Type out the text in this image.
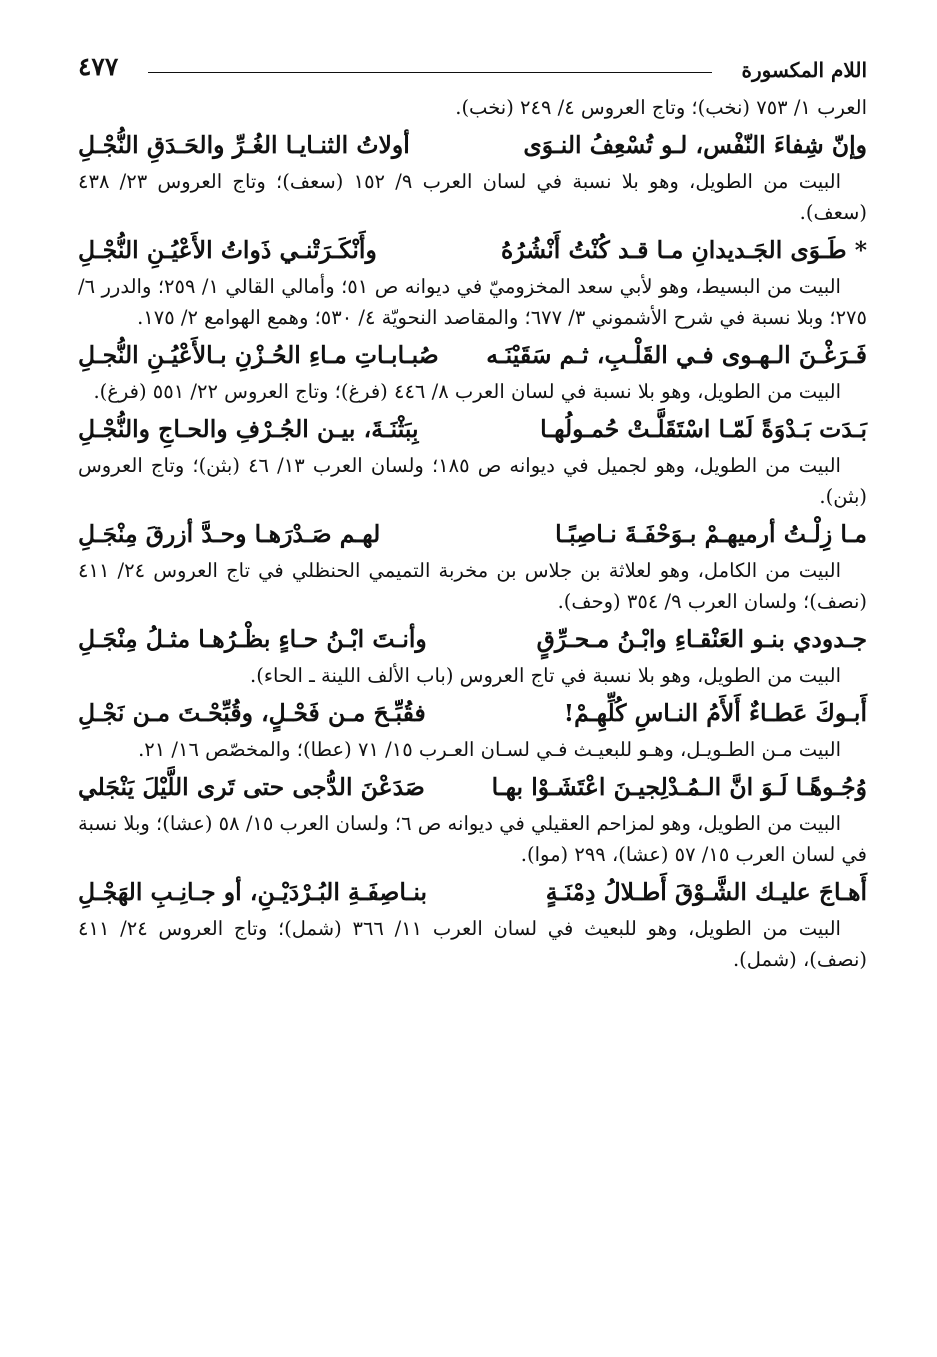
اللام المكسورة
٤٧٧

العرب ١/ ٧٥٣ (نخب)؛ وتاج العروس ٤/ ٢٤٩ (نخب).

وإنّ شِفاءَ النّفْس، لـو تُسْعِفُ النـوَى
أولاتُ الثنـايـا الغُـرِّ والحَـدَقِ النُّجْـلِ

البيت من الطويل، وهو بلا نسبة في لسان العرب ٩/ ١٥٢ (سعف)؛ وتاج العروس ٢٣/ ٤٣٨ (سعف).

* طَـوَى الجَـديدانِ مـا قـد كُنْتُ أَنْشُرُهُ
وأَنْكَـرَتْنـي ذَواتُ الأَعْيُـنِ النُّجْـلِ

البيت من البسيط، وهو لأبي سعد المخزوميّ في ديوانه ص ٥١؛ وأمالي القالي ١/ ٢٥٩؛ والدرر ٦/ ٢٧٥؛ وبلا نسبة في شرح الأشموني ٣/ ٦٧٧؛ والمقاصد النحويّة ٤/ ٥٣٠؛ وهمع الهوامع ٢/ ١٧٥.

فَـرَغْـنَ الـهـوى فـي القَلْـبِ، ثـم سَقَيْنَـه
صُبـابـاتِ مـاءِ الحُـزْنِ بـالأَعْيُـنِ النُّجـلِ

البيت من الطويل، وهو بلا نسبة في لسان العرب ٨/ ٤٤٦ (فرغ)؛ وتاج العروس ٢٢/ ٥٥١ (فرغ).

بَـدَت بَـدْوَةً لَمّـا اسْتَقَلَّـتْ حُمـولُهـا
بِبَثْنَـةَ، بيـن الجُـرْفِ والحـاجِ والنُّجْـلِ

البيت من الطويل، وهو لجميل في ديوانه ص ١٨٥؛ ولسان العرب ١٣/ ٤٦ (بثن)؛ وتاج العروس (بثن).

مـا زِلْـتُ أرميهـمْ بـوَحْفَـةَ نـاصِبًـا
لهـم صَـدْرَهـا وحـدَّ أزرقَ مِنْجَـلِ

البيت من الكامل، وهو لعلاثة بن جلاس بن مخربة التميمي الحنظلي في تاج العروس ٢٤/ ٤١١ (نصف)؛ ولسان العرب ٩/ ٣٥٤ (وحف).

جـدودي بنـو العَنْقـاءِ وابْـنُ مـحـرِّقٍ
وأنـتَ ابْـنُ حـاءٍ بظْـرُهـا مثـلُ مِنْجَـلِ

البيت من الطويل، وهو بلا نسبة في تاج العروس (باب الألف اللينة ـ الحاء).

أَبـوكَ عَطـاءٌ أَلأَمُ النـاسِ كُلِّهِـمْ!
فقُبِّـحَ مـن فَحْـلٍ، وقُبِّحْـتَ مـن نَجْـلِ

البيت مـن الطـويـل، وهـو للبعيـث فـي لسـان العـرب ١٥/ ٧١ (عطا)؛ والمخصّص ١٦/ ٢١.

وُجُـوهًـا لَـوَ انَّ الـمُـدْلِجيـنَ اعْتَشَـوْا بهـا
صَدَعْنَ الدُّجى حتى تَرى اللَّيْلَ يَنْجَلي

البيت من الطويل، وهو لمزاحم العقيلي في ديوانه ص ٦؛ ولسان العرب ١٥/ ٥٨ (عشا)؛ وبلا نسبة في لسان العرب ١٥/ ٥٧ (عشا)، ٢٩٩ (موا).

أَهـاجَ عليـك الشَّـوْقَ أَطـلالُ دِمْنَـةٍ
بنـاصِفَـةِ البُـرْدَيْـنِ، أو جـانِـبِ الهَجْـلِ

البيت من الطويل، وهو للبعيث في لسان العرب ١١/ ٣٦٦ (شمل)؛ وتاج العروس ٢٤/ ٤١١ (نصف)، (شمل).
